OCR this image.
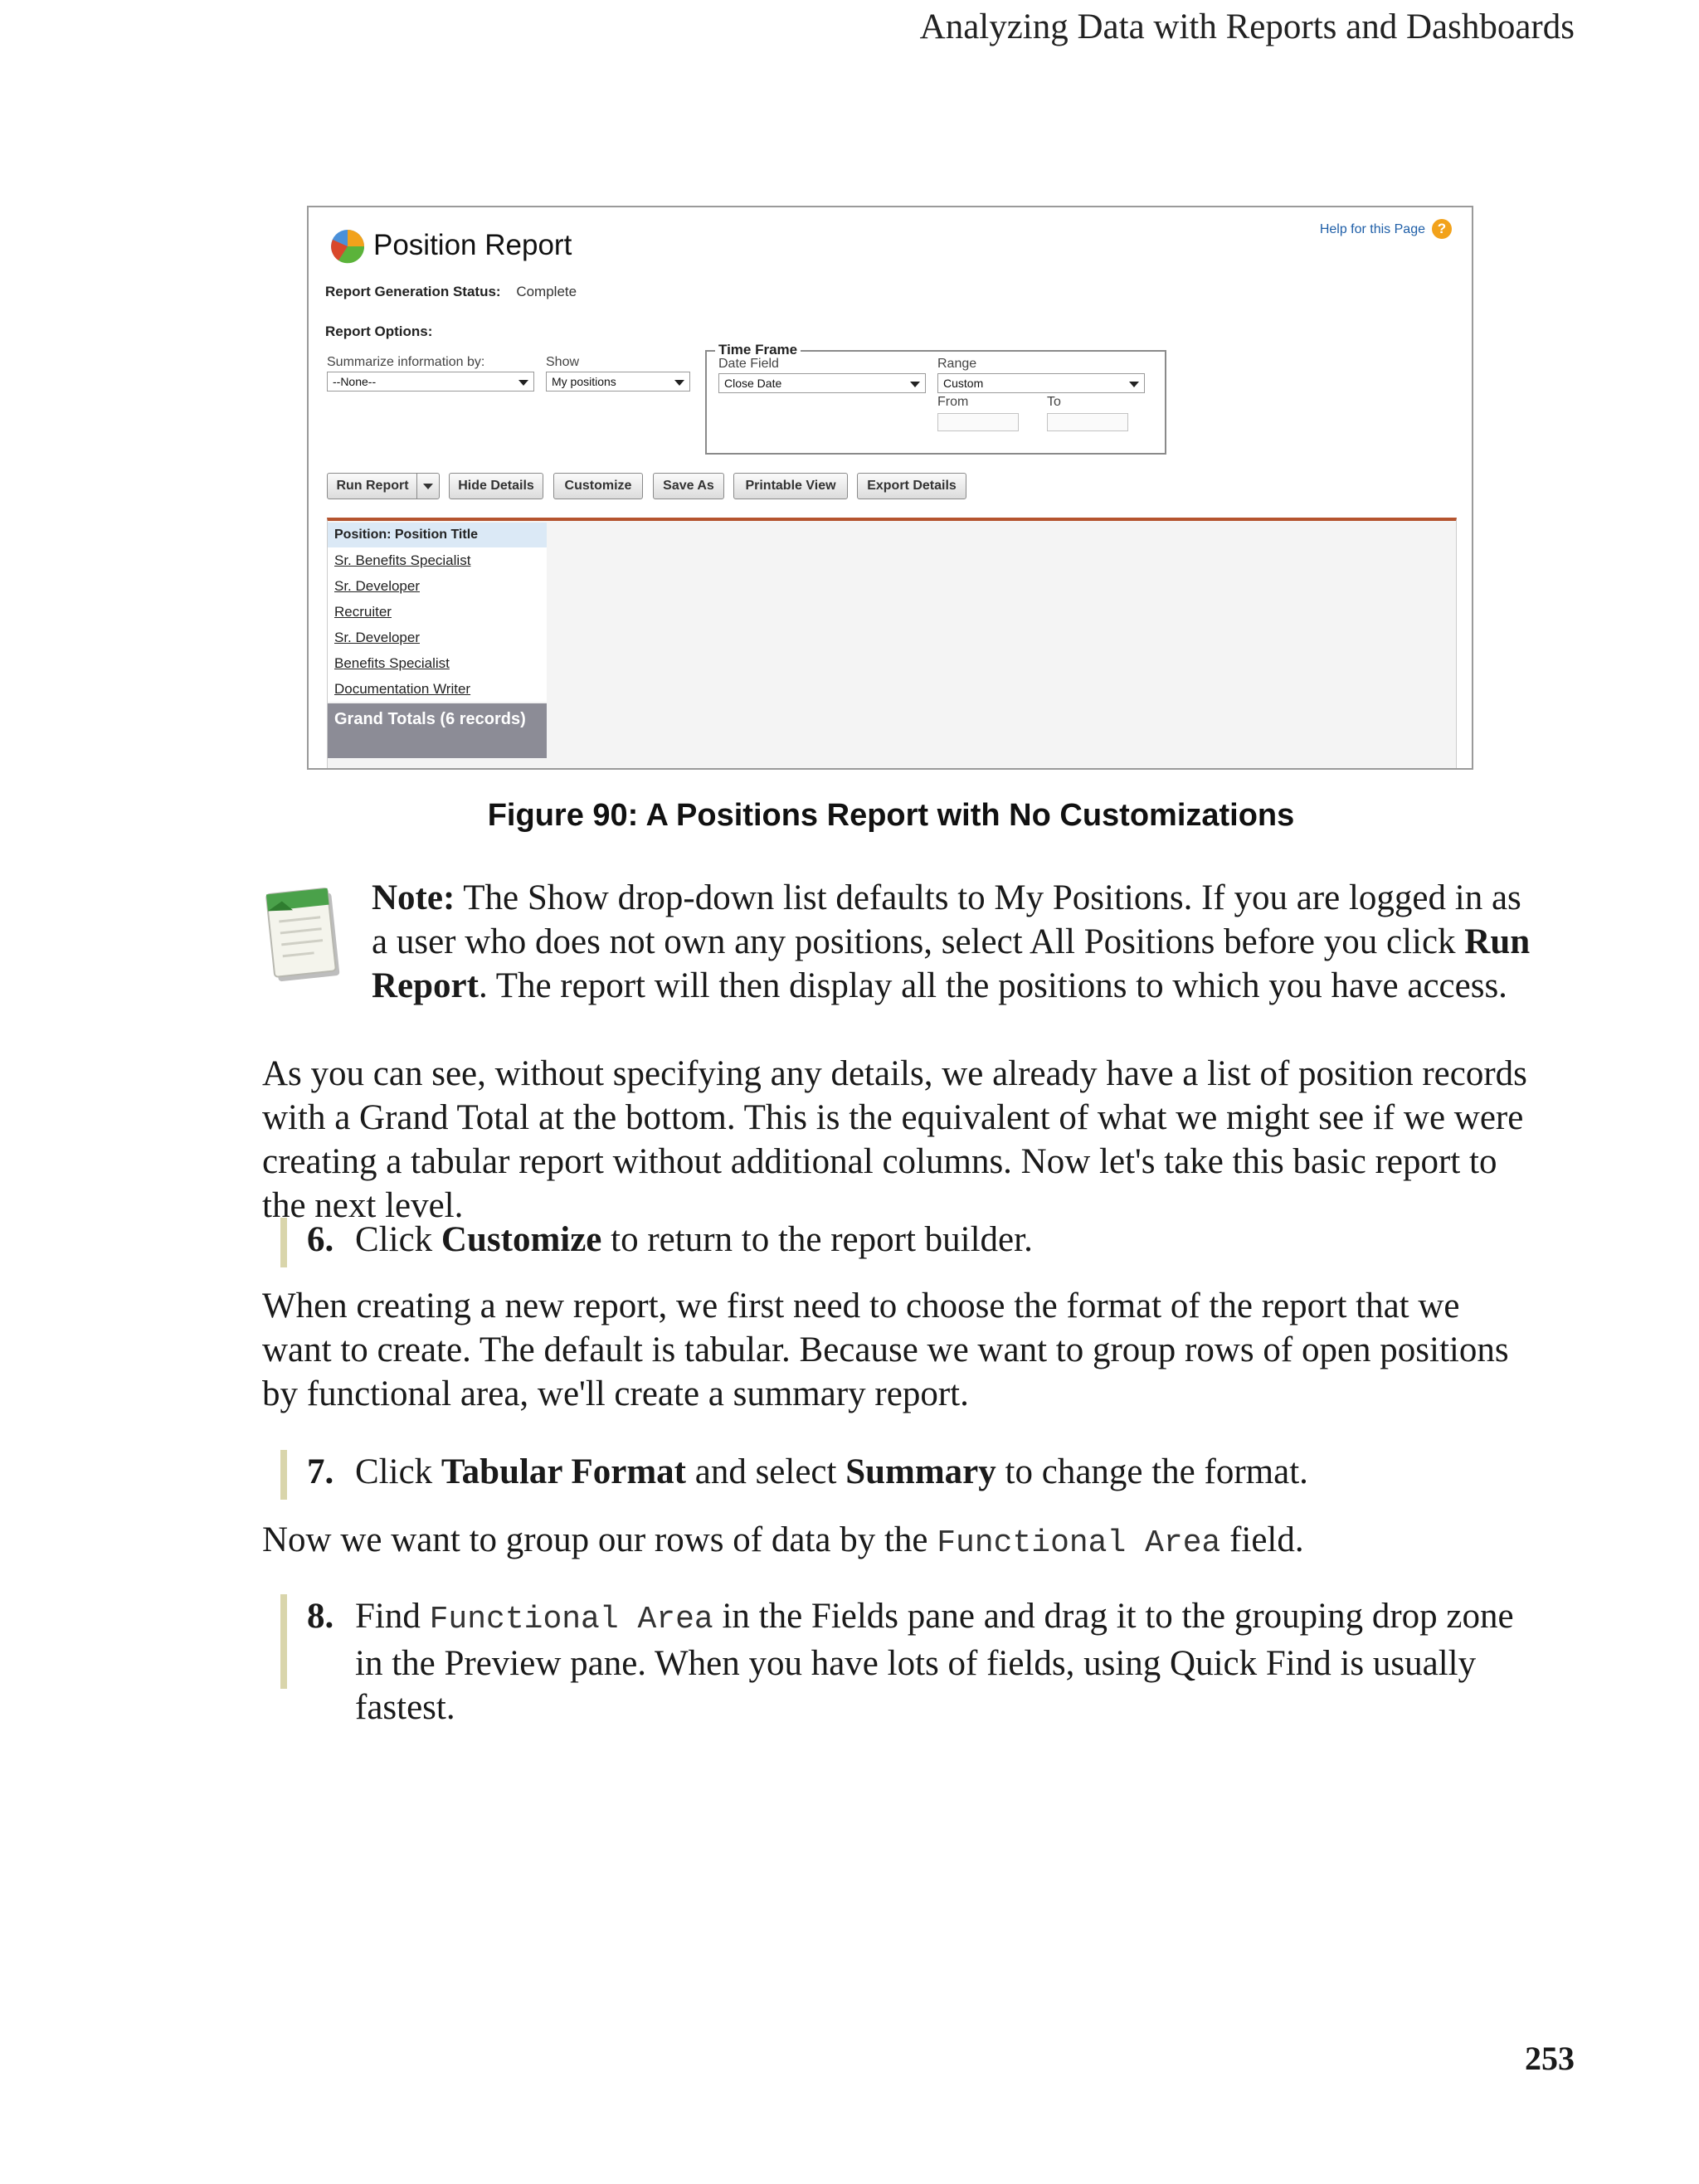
Analyzing Data with Reports and Dashboards
Position Report	Help for this Page ?
Report Generation Status: Complete
Report Options:
Summarize information by:
--None--
Show
My positions
Time Frame
Date Field
Close Date
Range
Custom
From	To
Run Report	Hide Details	Customize	Save As	Printable View	Export Details
Position: Position Title
Sr. Benefits Specialist
Sr. Developer
Recruiter
Sr. Developer
Benefits Specialist
Documentation Writer
Grand Totals (6 records)
Figure 90: A Positions Report with No Customizations
Note: The Show drop-down list defaults to My Positions. If you are logged in as a user who does not own any positions, select All Positions before you click Run Report. The report will then display all the positions to which you have access.
As you can see, without specifying any details, we already have a list of position records with a Grand Total at the bottom. This is the equivalent of what we might see if we were creating a tabular report without additional columns. Now let's take this basic report to the next level.
6. Click Customize to return to the report builder.
When creating a new report, we first need to choose the format of the report that we want to create. The default is tabular. Because we want to group rows of open positions by functional area, we'll create a summary report.
7. Click Tabular Format and select Summary to change the format.
Now we want to group our rows of data by the Functional Area field.
8. Find Functional Area in the Fields pane and drag it to the grouping drop zone in the Preview pane. When you have lots of fields, using Quick Find is usually fastest.
253
